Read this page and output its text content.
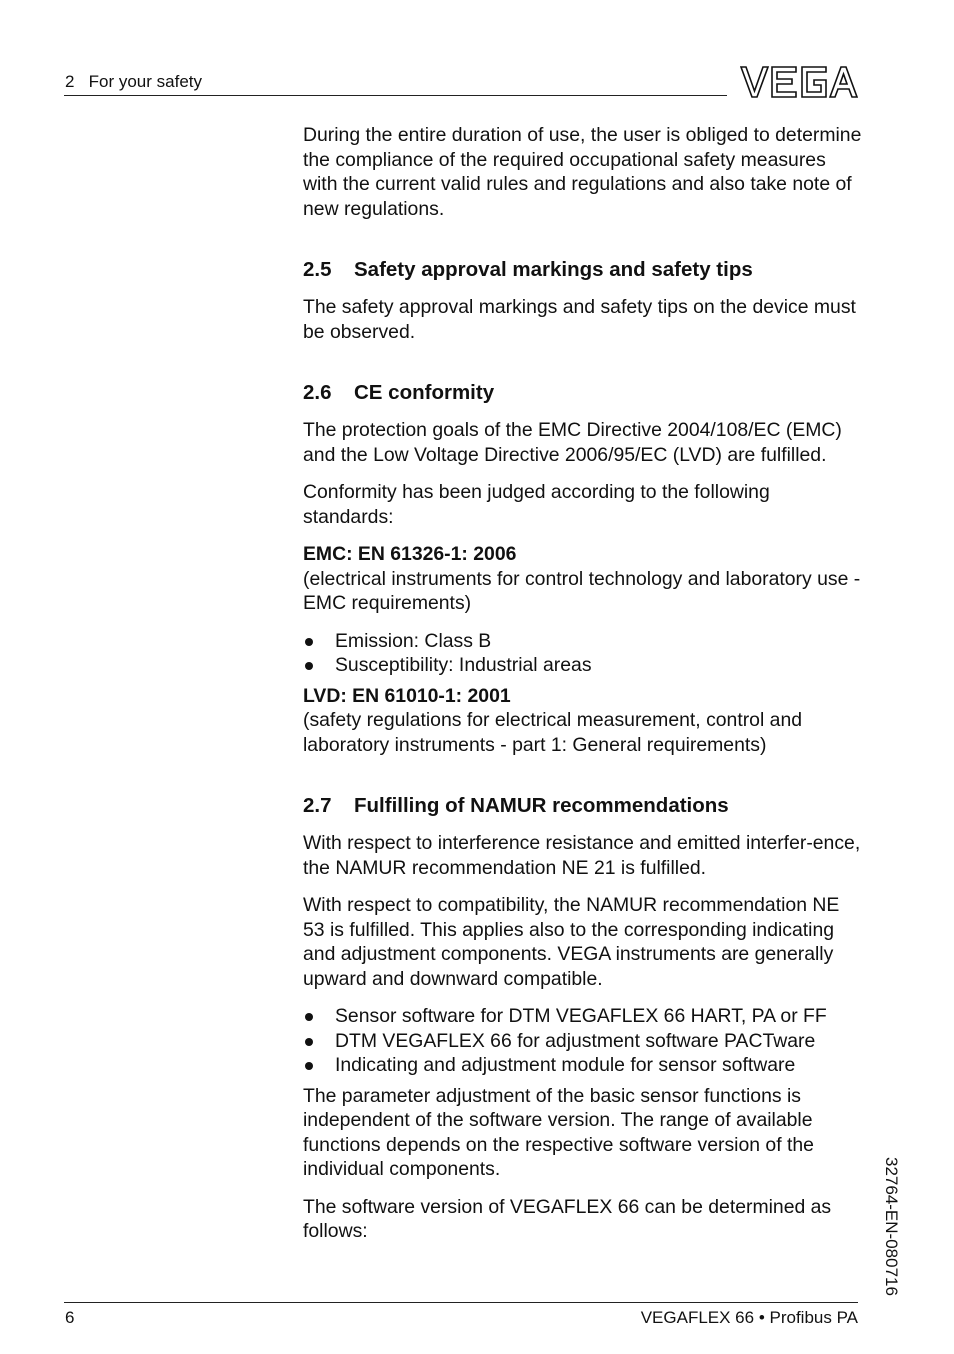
2   For your safety

During the entire duration of use, the user is obliged to determine the compliance of the required occupational safety measures with the current valid rules and regulations and also take note of new regulations.

2.5 Safety approval markings and safety tips

The safety approval markings and safety tips on the device must be observed.

2.6 CE conformity

The protection goals of the EMC Directive 2004/108/EC (EMC) and the Low Voltage Directive 2006/95/EC (LVD) are fulfilled.

Conformity has been judged according to the following standards:

EMC: EN 61326-1: 2006

(electrical instruments for control technology and laboratory use - EMC requirements)

Emission: Class B
Susceptibility: Industrial areas
LVD: EN 61010-1: 2001

(safety regulations for electrical measurement, control and laboratory instruments - part 1: General requirements)

2.7 Fulfilling of NAMUR recommendations

With respect to interference resistance and emitted interfer-ence, the NAMUR recommendation NE 21 is fulfilled.

With respect to compatibility, the NAMUR recommendation NE 53 is fulfilled. This applies also to the corresponding indicating and adjustment components. VEGA instruments are generally upward and downward compatible.

Sensor software for DTM VEGAFLEX 66 HART, PA or FF
DTM VEGAFLEX 66 for adjustment software PACTware
Indicating and adjustment module for sensor software

The parameter adjustment of the basic sensor functions is independent of the software version. The range of available functions depends on the respective software version of the individual components.

The software version of VEGAFLEX 66 can be determined as follows:	32764-EN-080716
6	VEGAFLEX 66 • Profibus PA
